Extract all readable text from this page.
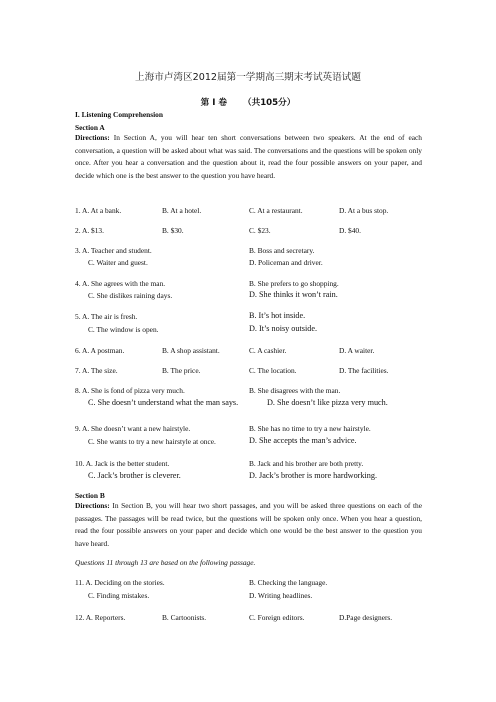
上海市卢湾区2012届第一学期高三期末考试英语试题
第 I 卷 （共105分）
I. Listening Comprehension
Section A
Directions: In Section A, you will hear ten short conversations between two speakers. At the end of each conversation, a question will be asked about what was said. The conversations and the questions will be spoken only once. After you hear a conversation and the question about it, read the four possible answers on your paper, and decide which one is the best answer to the question you have heard.
1. A. At a bank.	B. At a hotel.	C. At a restaurant.	D. At a bus stop.
2. A. $13.	B. $30.	C. $23.	D. $40.
3. A. Teacher and student.	B. Boss and secretary.
C. Waiter and guest.	D. Policeman and driver.
4. A. She agrees with the man.	B. She prefers to go shopping.
C. She dislikes raining days.	D. She thinks it won’t rain.
5. A. The air is fresh.	B. It’s hot inside.
C. The window is open.	D. It’s noisy outside.
6. A. A postman.	B. A shop assistant.	C. A cashier.	D. A waiter.
7. A. The size.	B. The price.	C. The location.	D. The facilities.
8. A. She is fond of pizza very much.	B. She disagrees with the man.
C. She doesn’t understand what the man says.	D. She doesn’t like pizza very much.
9. A. She doesn’t want a new hairstyle.	B. She has no time to try a new hairstyle.
C. She wants to try a new hairstyle at once.	D. She accepts the man’s advice.
10. A. Jack is the better student.	B. Jack and his brother are both pretty.
C. Jack’s brother is cleverer.	D. Jack’s brother is more hardworking.
Section B
Directions: In Section B, you will hear two short passages, and you will be asked three questions on each of the passages. The passages will be read twice, but the questions will be spoken only once. When you hear a question, read the four possible answers on your paper and decide which one would be the best answer to the question you have heard.
Questions 11 through 13 are based on the following passage.
11. A. Deciding on the stories.	B. Checking the language.
C. Finding mistakes.	D. Writing headlines.
12. A. Reporters.	B. Cartoonists.	C. Foreign editors.	D.Page designers.
